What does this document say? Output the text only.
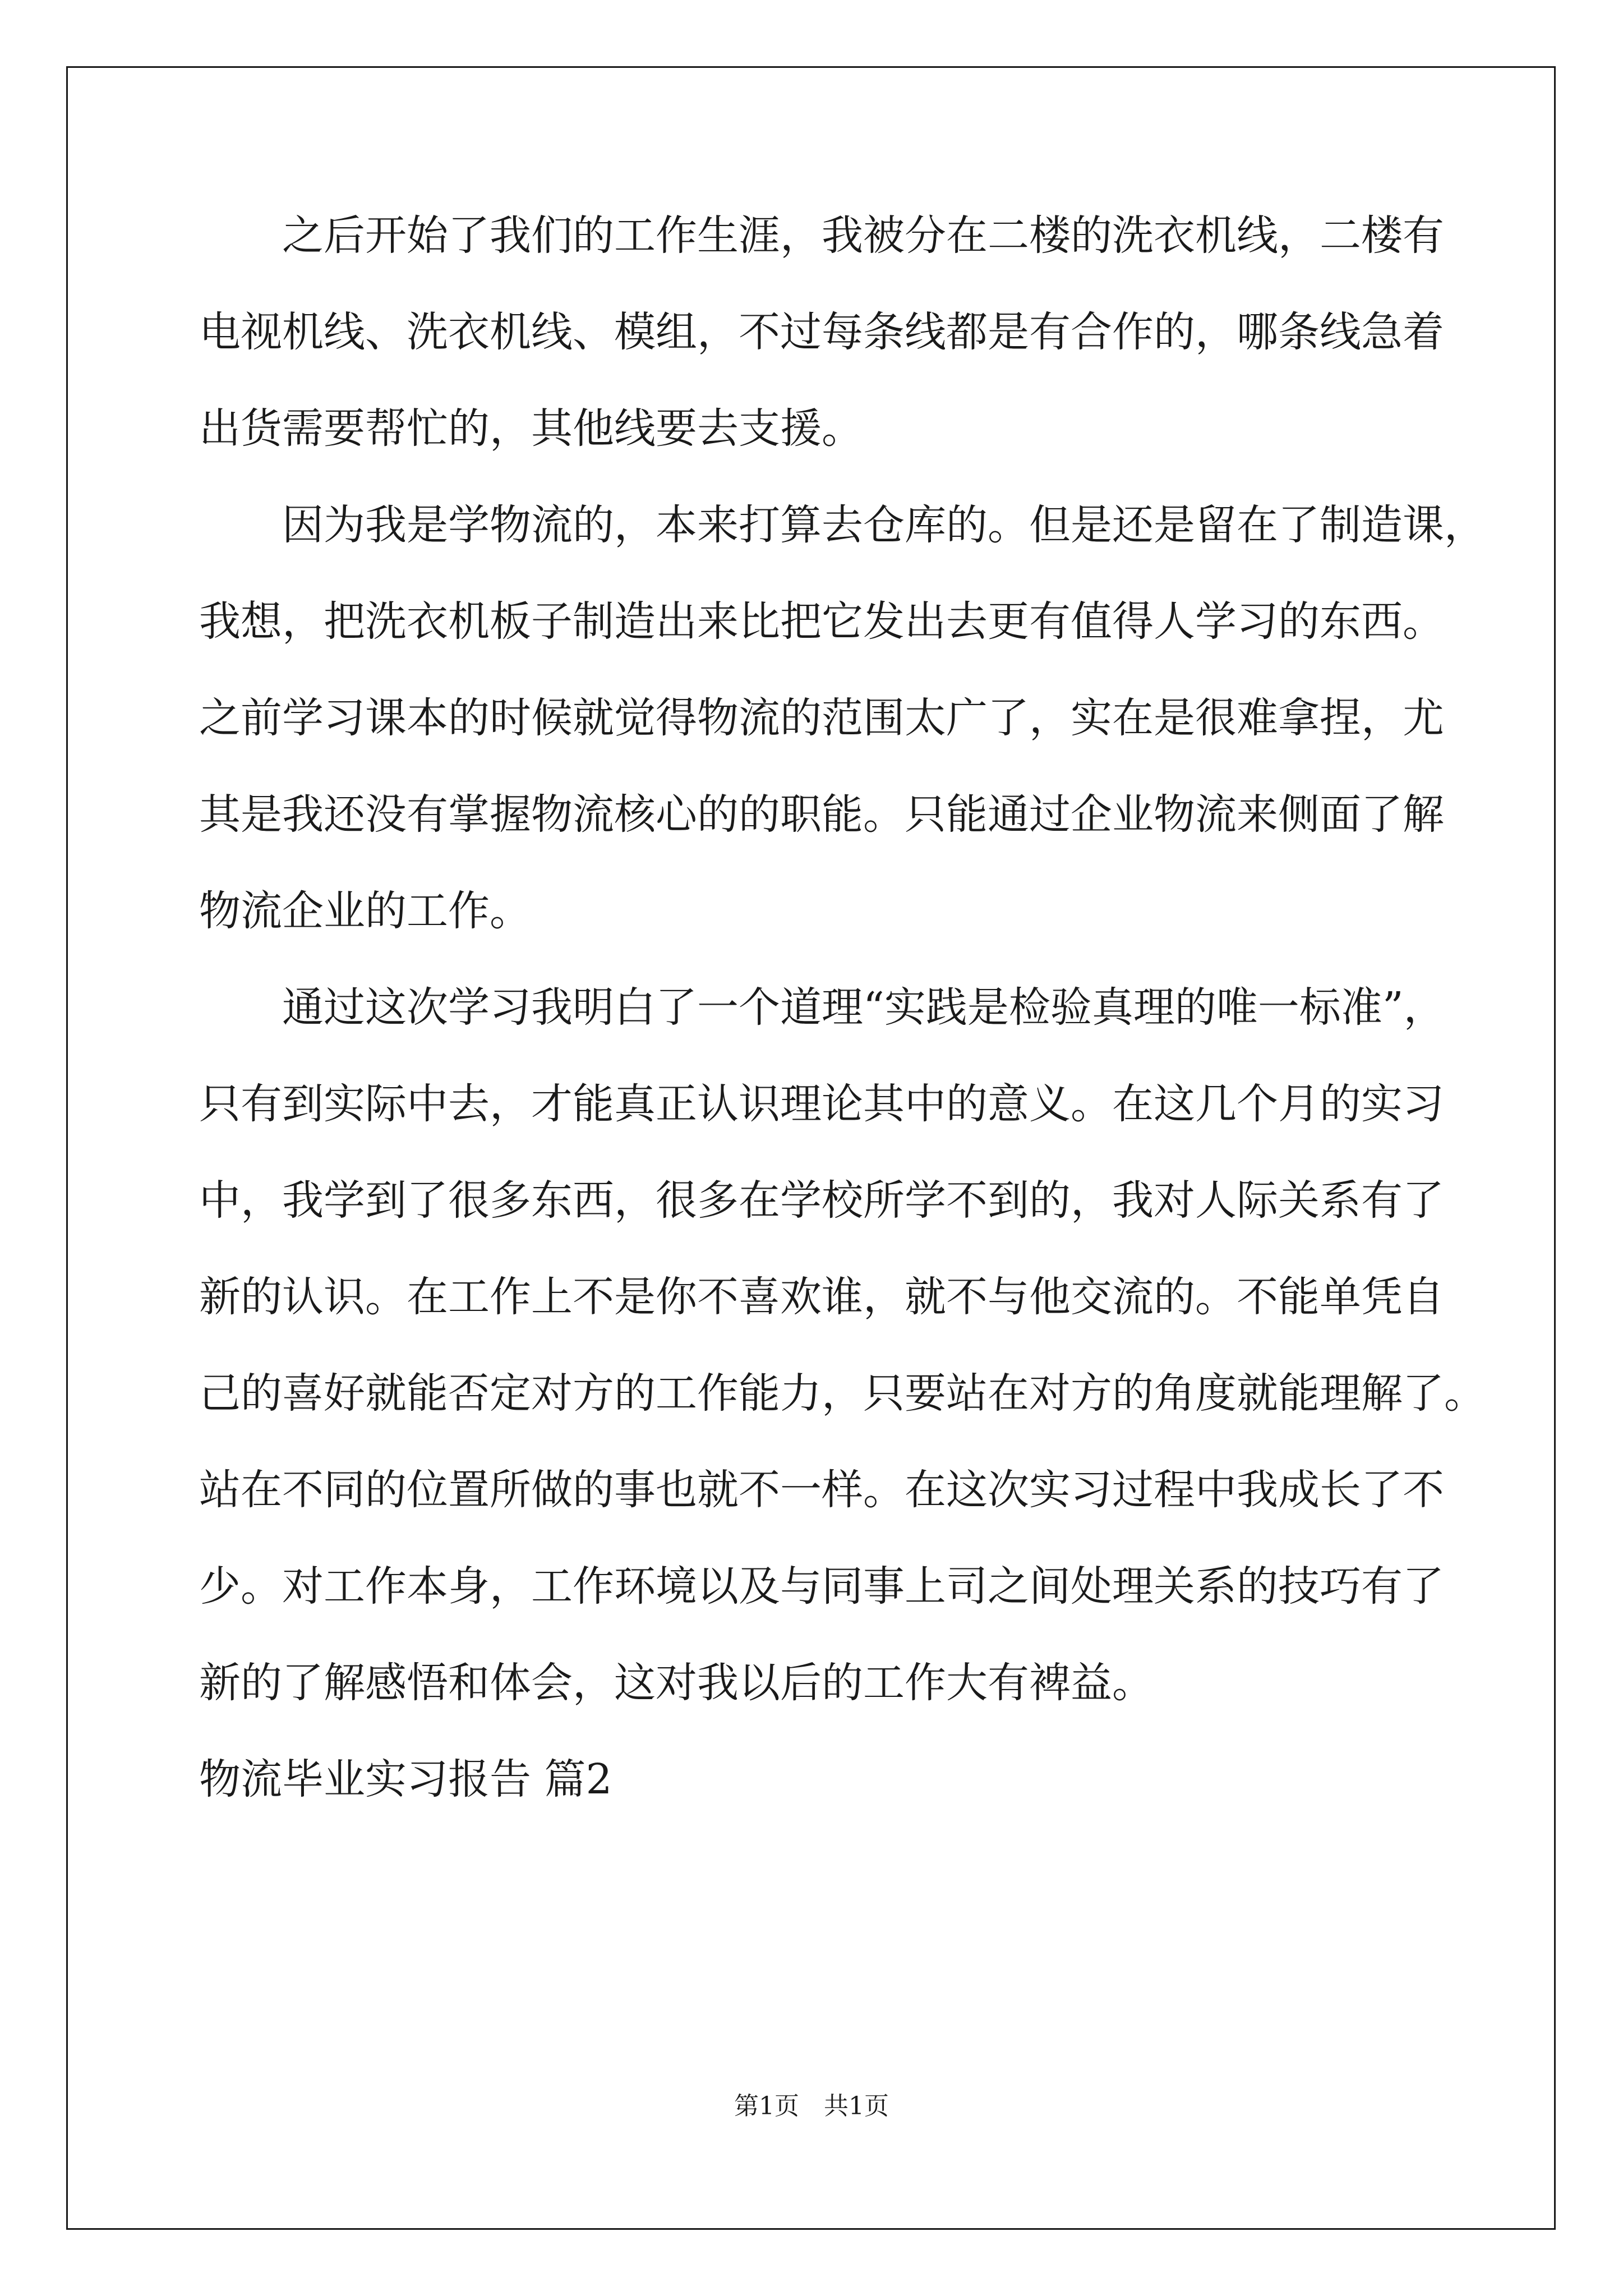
之后开始了我们的工作生涯，我被分在二楼的洗衣机线，二楼有
电视机线、洗衣机线、模组，不过每条线都是有合作的，哪条线急着
出货需要帮忙的，其他线要去支援。
因为我是学物流的，本来打算去仓库的。但是还是留在了制造课，
我想，把洗衣机板子制造出来比把它发出去更有值得人学习的东西。
之前学习课本的时候就觉得物流的范围太广了，实在是很难拿捏，尤
其是我还没有掌握物流核心的的职能。只能通过企业物流来侧面了解
物流企业的工作。
通过这次学习我明白了一个道理“实践是检验真理的唯一标准”，
只有到实际中去，才能真正认识理论其中的意义。在这几个月的实习
中，我学到了很多东西，很多在学校所学不到的，我对人际关系有了
新的认识。在工作上不是你不喜欢谁，就不与他交流的。不能单凭自
己的喜好就能否定对方的工作能力，只要站在对方的角度就能理解了。
站在不同的位置所做的事也就不一样。在这次实习过程中我成长了不
少。对工作本身，工作环境以及与同事上司之间处理关系的技巧有了
新的了解感悟和体会，这对我以后的工作大有裨益。
物流毕业实习报告 篇2
第1页　共1页
